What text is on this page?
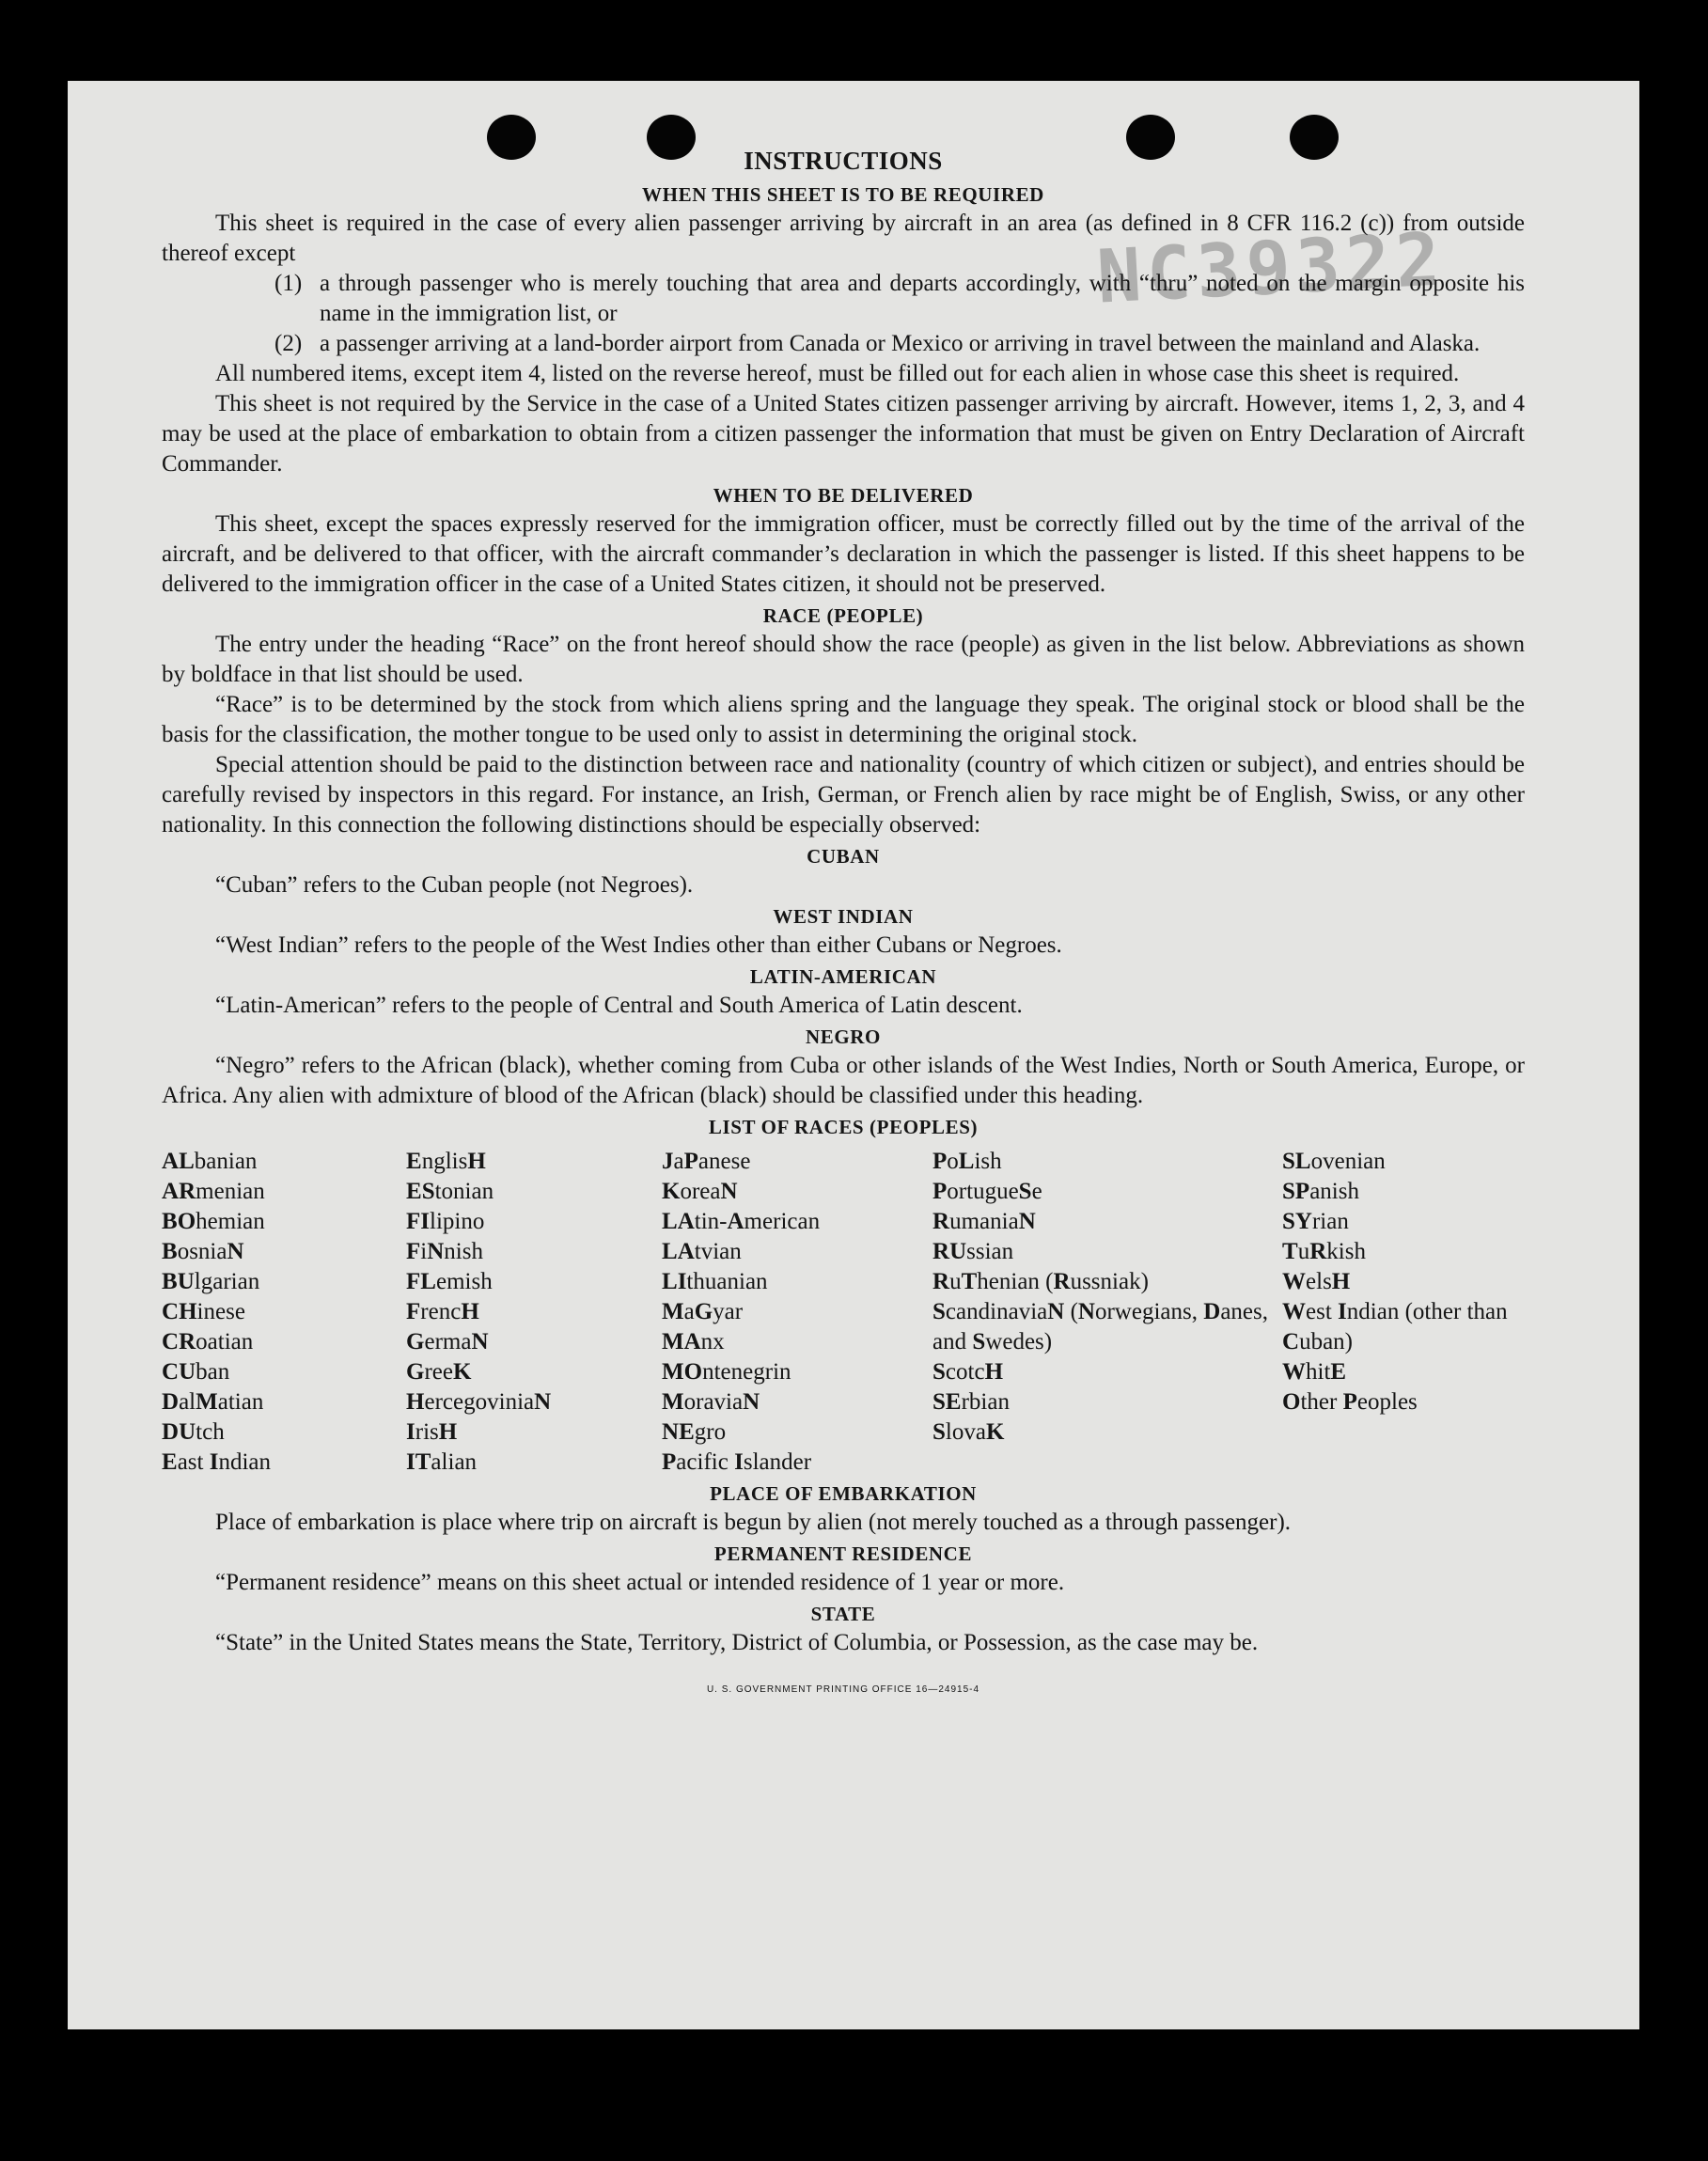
NC39322
INSTRUCTIONS
WHEN THIS SHEET IS TO BE REQUIRED

This sheet is required in the case of every alien passenger arriving by aircraft in an area (as defined in 8 CFR 116.2 (c)) from outside thereof except

(1) a through passenger who is merely touching that area and departs accordingly, with “thru” noted on the margin opposite his name in the immigration list, or
(2) a passenger arriving at a land-border airport from Canada or Mexico or arriving in travel between the mainland and Alaska.

All numbered items, except item 4, listed on the reverse hereof, must be filled out for each alien in whose case this sheet is required.

This sheet is not required by the Service in the case of a United States citizen passenger arriving by aircraft. However, items 1, 2, 3, and 4 may be used at the place of embarkation to obtain from a citizen passenger the information that must be given on Entry Declaration of Aircraft Commander.

WHEN TO BE DELIVERED

This sheet, except the spaces expressly reserved for the immigration officer, must be correctly filled out by the time of the arrival of the aircraft, and be delivered to that officer, with the aircraft commander’s declaration in which the passenger is listed. If this sheet happens to be delivered to the immigration officer in the case of a United States citizen, it should not be preserved.

RACE (PEOPLE)

The entry under the heading “Race” on the front hereof should show the race (people) as given in the list below. Abbreviations as shown by boldface in that list should be used.

“Race” is to be determined by the stock from which aliens spring and the language they speak. The original stock or blood shall be the basis for the classification, the mother tongue to be used only to assist in determining the original stock.

Special attention should be paid to the distinction between race and nationality (country of which citizen or subject), and entries should be carefully revised by inspectors in this regard. For instance, an Irish, German, or French alien by race might be of English, Swiss, or any other nationality. In this connection the following distinctions should be especially observed:

CUBAN

“Cuban” refers to the Cuban people (not Negroes).

WEST INDIAN

“West Indian” refers to the people of the West Indies other than either Cubans or Negroes.

LATIN-AMERICAN

“Latin-American” refers to the people of Central and South America of Latin descent.

NEGRO

“Negro” refers to the African (black), whether coming from Cuba or other islands of the West Indies, North or South America, Europe, or Africa. Any alien with admixture of blood of the African (black) should be classified under this heading.

LIST OF RACES (PEOPLES)
ALbanian
ARmenian
BOhemian
BosniaN
BUlgarian
CHinese
CRoatian
CUban
DalMatian
DUtch
East Indian
EnglisH
EStonian
FIlipino
FiNnish
FLemish
FrencH
GermaN
GreeK
HercegoviniaN
IrisH
ITalian
JaPanese
KoreaN
LAtin-American
LAtvian
LIthuanian
MaGyar
MAnx
MOntenegrin
MoraviaN
NEgro
Pacific Islander
PoLish
PortugueSe
RumaniaN
RUssian
RuThenian (Russniak)
ScandinaviaN (Norwegians, Danes, and Swedes)
ScotcH
SErbian
SlovaK
SLovenian
SPanish
SYrian
TuRkish
WelsH
West Indian (other than Cuban)
WhitE
Other Peoples
PLACE OF EMBARKATION

Place of embarkation is place where trip on aircraft is begun by alien (not merely touched as a through passenger).

PERMANENT RESIDENCE

“Permanent residence” means on this sheet actual or intended residence of 1 year or more.

STATE

“State” in the United States means the State, Territory, District of Columbia, or Possession, as the case may be.

U. S. GOVERNMENT PRINTING OFFICE 16—24915-4
